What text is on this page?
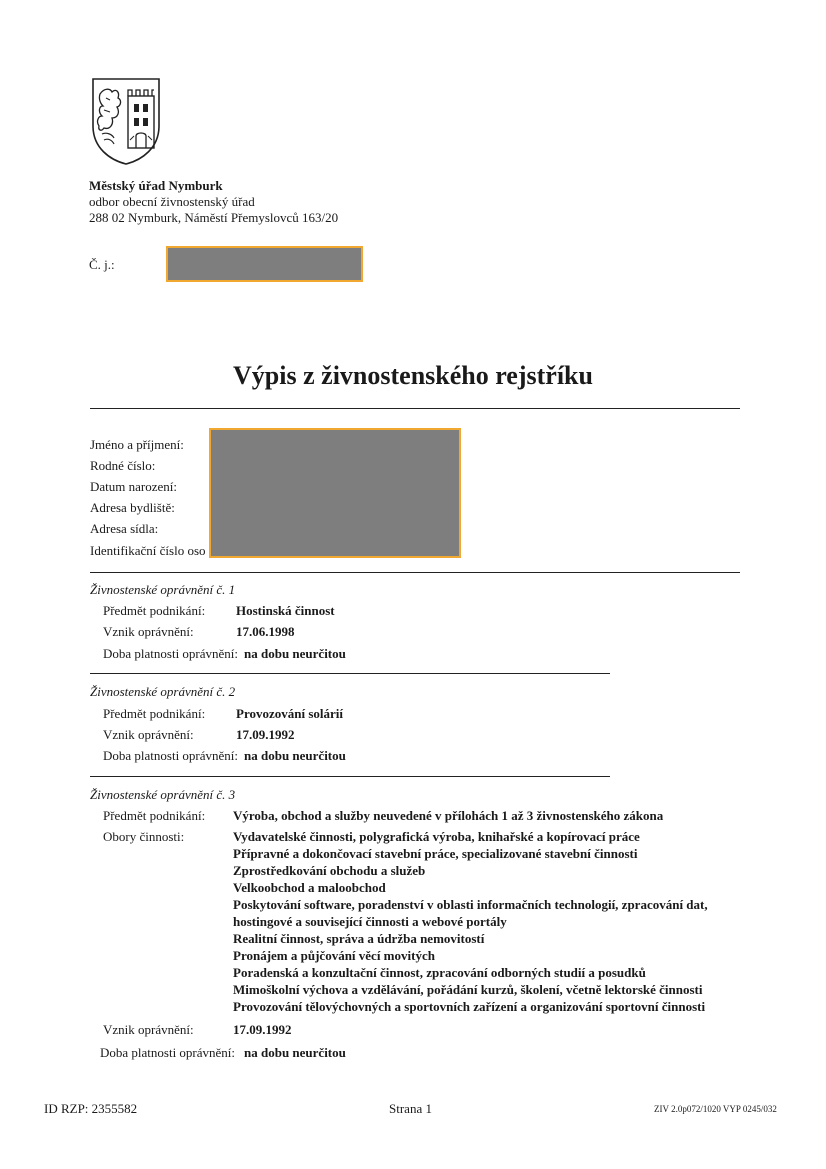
Městský úřad Nymburk
odbor obecní živnostenský úřad
288 02 Nymburk, Náměstí Přemyslovců 163/20
Č. j.:
Výpis z živnostenského rejstříku
Jméno a příjmení:
Rodné číslo:
Datum narození:
Adresa bydliště:
Adresa sídla:
Identifikační číslo oso
Živnostenské oprávnění č. 1
Předmět podnikání: Hostinská činnost
Vznik oprávnění:	17.06.1998
Doba platnosti oprávnění: na dobu neurčitou
Živnostenské oprávnění č. 2
Předmět podnikání: Provozování solárií
Vznik oprávnění:	17.09.1992
Doba platnosti oprávnění: na dobu neurčitou
Živnostenské oprávnění č. 3
Předmět podnikání: Výroba, obchod a služby neuvedené v přílohách 1 až 3 živnostenského zákona
Obory činnosti:	Vydavatelské činnosti, polygrafická výroba, knihařské a kopírovací práce
Přípravné a dokončovací stavební práce, specializované stavební činnosti
Zprostředkování obchodu a služeb
Velkoobchod a maloobchod
Poskytování software, poradenství v oblasti informačních technologií, zpracování dat,
hostingové a související činnosti a webové portály
Realitní činnost, správa a údržba nemovitostí
Pronájem a půjčování věcí movitých
Poradenská a konzultační činnost, zpracování odborných studií a posudků
Mimoškolní výchova a vzdělávání, pořádání kurzů, školení, včetně lektorské činnosti
Provozování tělovýchovných a sportovních zařízení a organizování sportovní činnosti
Vznik oprávnění:	17.09.1992
Doba platnosti oprávnění: na dobu neurčitou
ID RZP: 2355582	Strana 1	ZIV 2.0p072/1020 VYP 0245/032
